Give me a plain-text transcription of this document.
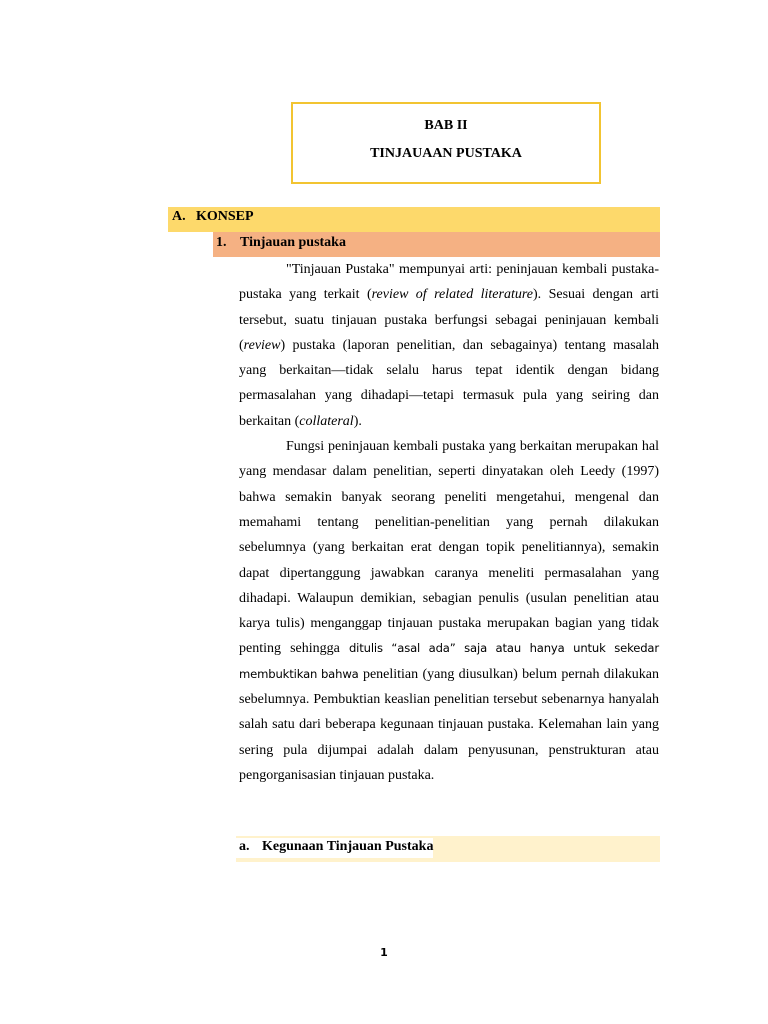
BAB II
TINJAUAAN PUSTAKA
A. KONSEP
1. Tinjauan pustaka

"Tinjauan Pustaka" mempunyai arti: peninjauan kembali pustaka-pustaka yang terkait (review of related literature). Sesuai dengan arti tersebut, suatu tinjauan pustaka berfungsi sebagai peninjauan kembali (review) pustaka (laporan penelitian, dan sebagainya) tentang masalah yang berkaitan—tidak selalu harus tepat identik dengan bidang permasalahan yang dihadapi—tetapi termasuk pula yang seiring dan berkaitan (collateral).

Fungsi peninjauan kembali pustaka yang berkaitan merupakan hal yang mendasar dalam penelitian, seperti dinyatakan oleh Leedy (1997) bahwa semakin banyak seorang peneliti mengetahui, mengenal dan memahami tentang penelitian-penelitian yang pernah dilakukan sebelumnya (yang berkaitan erat dengan topik penelitiannya), semakin dapat dipertanggung jawabkan caranya meneliti permasalahan yang dihadapi. Walaupun demikian, sebagian penulis (usulan penelitian atau karya tulis) menganggap tinjauan pustaka merupakan bagian yang tidak penting sehingga ditulis “asal ada” saja atau hanya untuk sekedar membuktikan bahwa penelitian (yang diusulkan) belum pernah dilakukan sebelumnya. Pembuktian keaslian penelitian tersebut sebenarnya hanyalah salah satu dari beberapa kegunaan tinjauan pustaka. Kelemahan lain yang sering pula dijumpai adalah dalam penyusunan, penstrukturan atau pengorganisasian tinjauan pustaka.

a. Kegunaan Tinjauan Pustaka
1
